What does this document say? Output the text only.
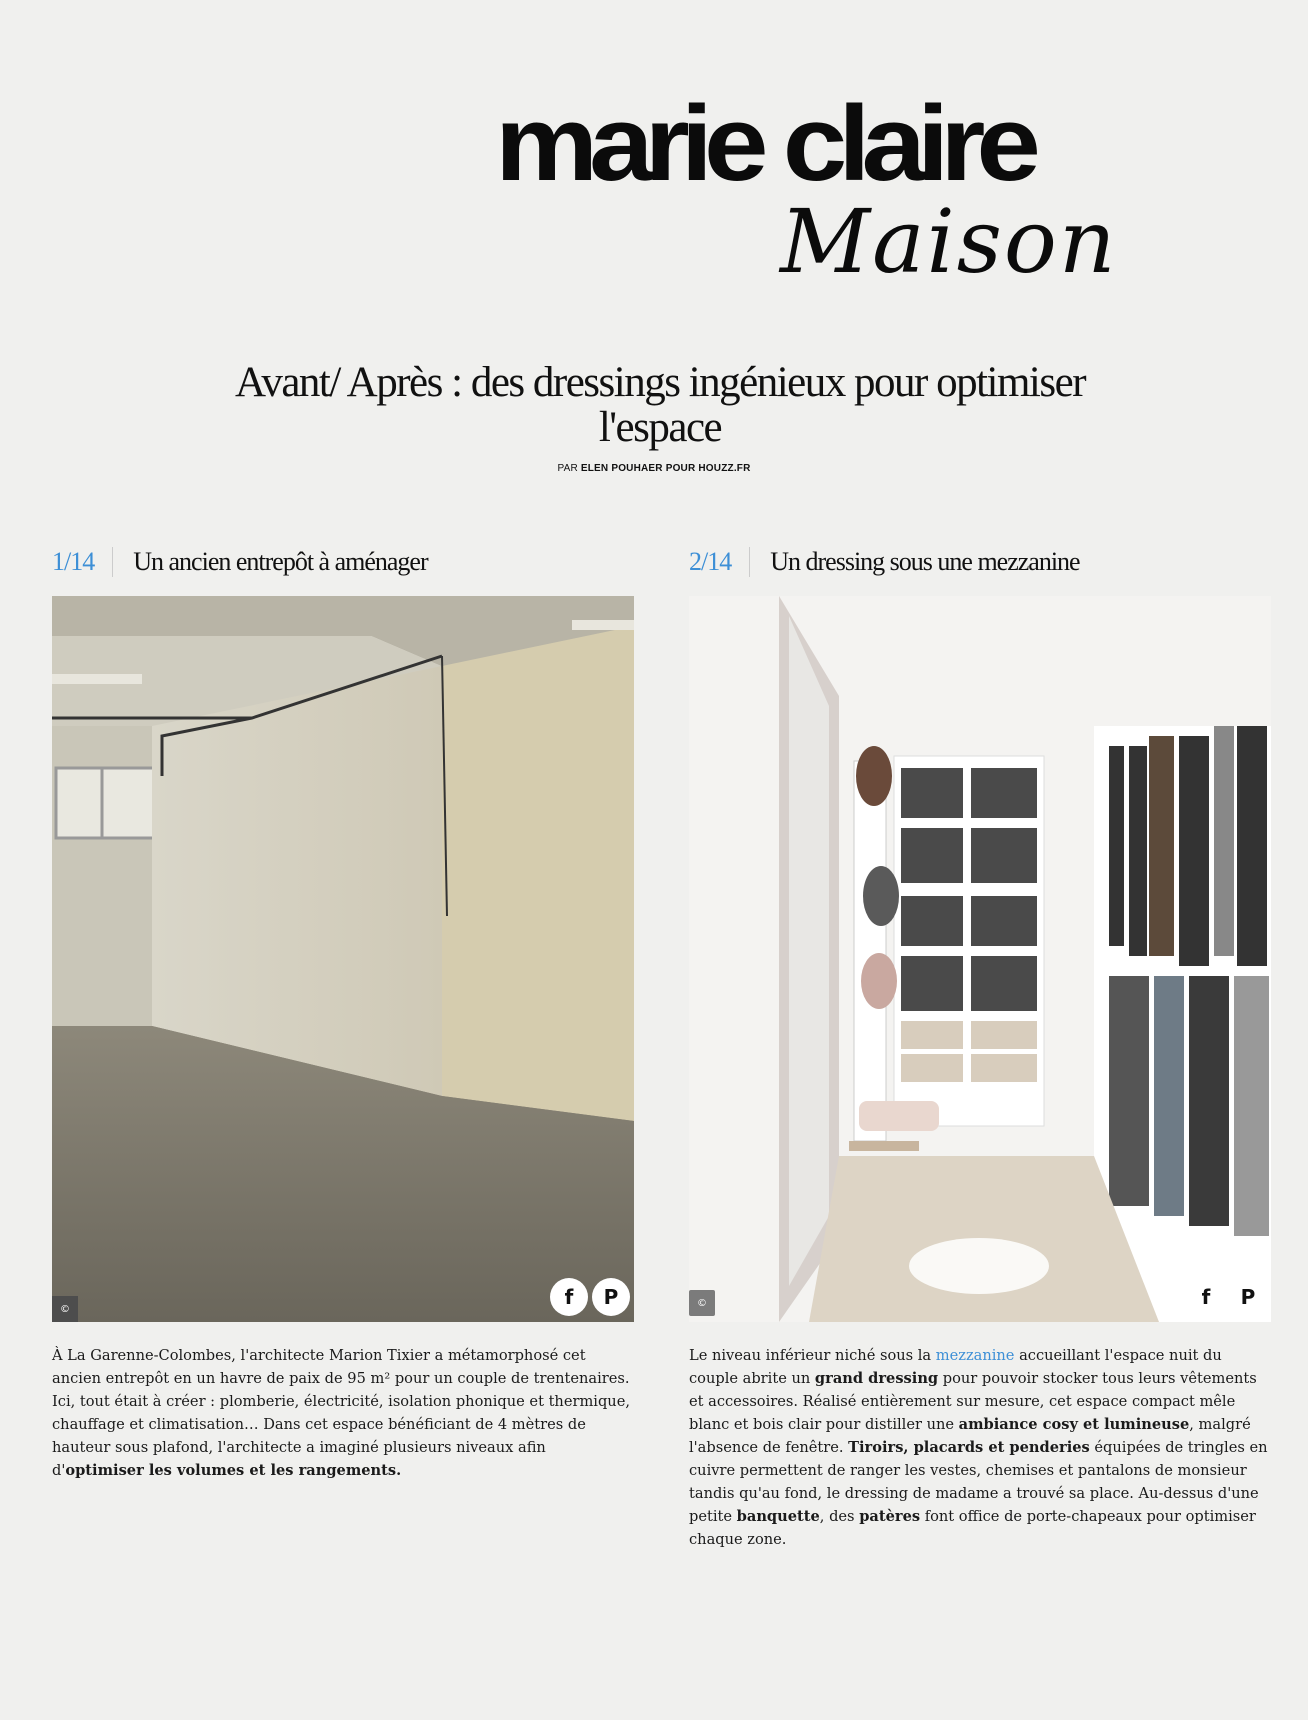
marie claire
Maison
Avant/ Après : des dressings ingénieux pour optimiser l'espace
PAR ELEN POUHAER POUR HOUZZ.FR
1/14	Un ancien entrepôt à aménager
©	f P
À La Garenne-Colombes, l'architecte Marion Tixier a métamorphosé cet ancien entrepôt en un havre de paix de 95 m² pour un couple de trentenaires. Ici, tout était à créer : plomberie, électricité, isolation phonique et thermique, chauffage et climatisation… Dans cet espace bénéficiant de 4 mètres de hauteur sous plafond, l'architecte a imaginé plusieurs niveaux afin d'optimiser les volumes et les rangements.
2/14	Un dressing sous une mezzanine
©	f P
Le niveau inférieur niché sous la mezzanine accueillant l'espace nuit du couple abrite un grand dressing pour pouvoir stocker tous leurs vêtements et accessoires. Réalisé entièrement sur mesure, cet espace compact mêle blanc et bois clair pour distiller une ambiance cosy et lumineuse, malgré l'absence de fenêtre. Tiroirs, placards et penderies équipées de tringles en cuivre permettent de ranger les vestes, chemises et pantalons de monsieur tandis qu'au fond, le dressing de madame a trouvé sa place. Au-dessus d'une petite banquette, des patères font office de porte-chapeaux pour optimiser chaque zone.
